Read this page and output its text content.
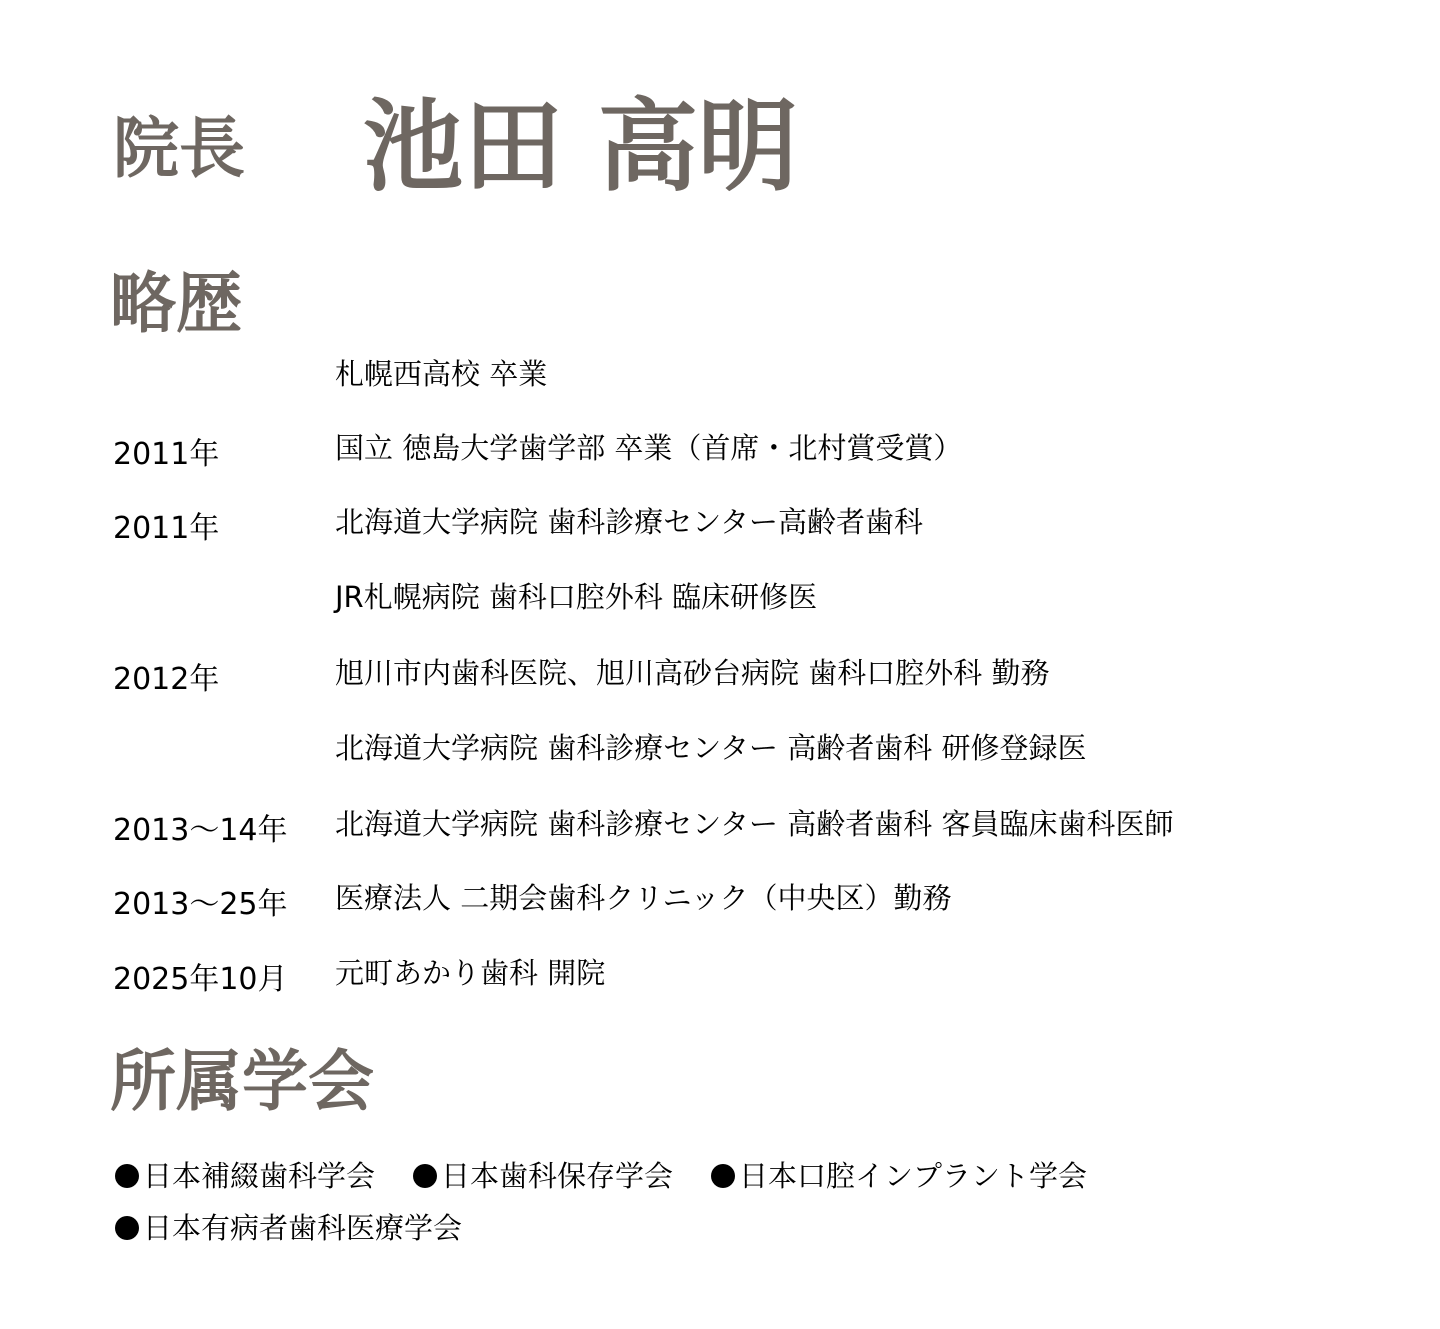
院長 池田 高明
略歴
札幌西高校 卒業
2011年	国立 徳島大学歯学部 卒業（首席・北村賞受賞）
2011年	北海道大学病院 歯科診療センター高齢者歯科
JR札幌病院 歯科口腔外科 臨床研修医
2012年	旭川市内歯科医院、旭川高砂台病院 歯科口腔外科 勤務
北海道大学病院 歯科診療センター 高齢者歯科 研修登録医
2013〜14年 北海道大学病院 歯科診療センター 高齢者歯科 客員臨床歯科医師
2013〜25年 医療法人 二期会歯科クリニック（中央区）勤務
2025年10月 元町あかり歯科 開院
所属学会
日本補綴歯科学会 日本歯科保存学会 日本口腔インプラント学会
日本有病者歯科医療学会
